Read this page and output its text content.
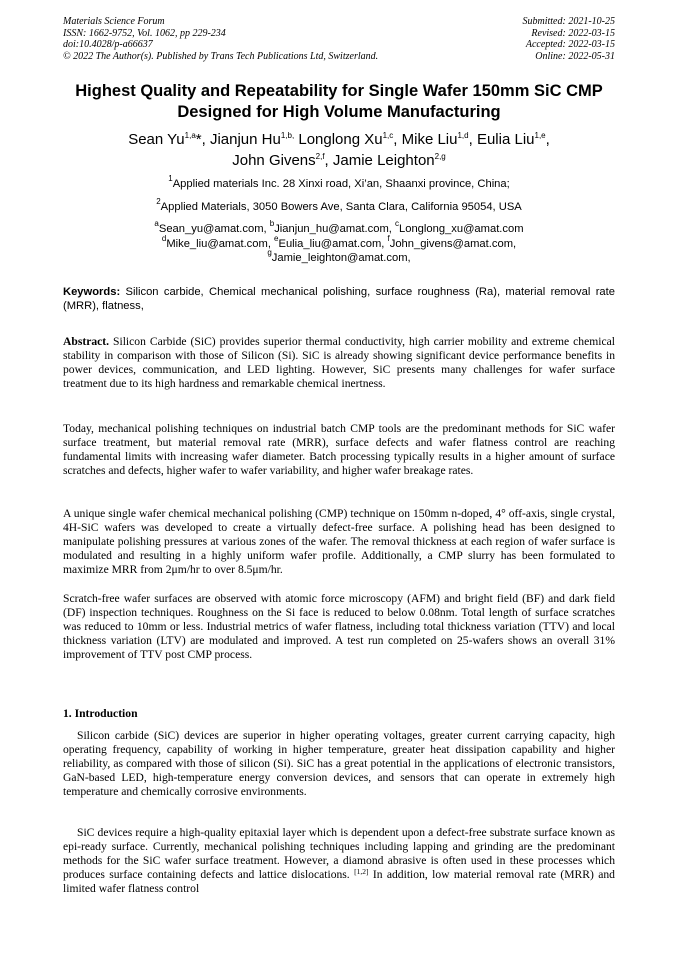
Materials Science Forum
ISSN: 1662-9752, Vol. 1062, pp 229-234
doi:10.4028/p-a66637
© 2022 The Author(s). Published by Trans Tech Publications Ltd, Switzerland.
Submitted: 2021-10-25
Revised: 2022-03-15
Accepted: 2022-03-15
Online: 2022-05-31
Highest Quality and Repeatability for Single Wafer 150mm SiC CMP
Designed for High Volume Manufacturing
Sean Yu$^{1,a}$*, Jianjun $Hu^{1,b,}$ Longlong Xu$^{1,c}$, Mike Liu$^{1,d}$, Eulia Liu$^{1,e}$,
John Givens$^{2,f}$, Jamie Leighton$^{2,g}$
$^1$Applied materials Inc. 28 Xinxi road, Xi’an, Shaanxi province, China;
$^2$Applied Materials, 3050 Bowers Ave, Santa Clara, California 95054, USA
$^a$Sean_yu@amat.com, $^b$Jianjun_hu@amat.com, $^c$Longlong_xu@amat.com
$^d$Mike_liu@amat.com, $^e$Eulia_liu@amat.com, $^f$John_givens@amat.com,
$^g$Jamie_leighton@amat.com,
Keywords: Silicon carbide, Chemical mechanical polishing, surface roughness (Ra), material removal rate (MRR), flatness,

Abstract. Silicon Carbide (SiC) provides superior thermal conductivity, high carrier mobility and extreme chemical stability in comparison with those of Silicon (Si). SiC is already showing significant device performance benefits in power devices, communication, and LED lighting. However, SiC presents many challenges for wafer surface treatment due to its high hardness and remarkable chemical inertness.

Today, mechanical polishing techniques on industrial batch CMP tools are the predominant methods for SiC wafer surface treatment, but material removal rate (MRR), surface defects and wafer flatness control are reaching fundamental limits with increasing wafer diameter. Batch processing typically results in a higher amount of surface scratches and defects, higher wafer to wafer variability, and higher wafer breakage rates.

A unique single wafer chemical mechanical polishing (CMP) technique on 150mm n-doped, 4° off-axis, single crystal, 4H-SiC wafers was developed to create a virtually defect-free surface. A polishing head has been designed to manipulate polishing pressures at various zones of the wafer. The removal thickness at each region of wafer surface is modulated and resulting in a highly uniform wafer profile. Additionally, a CMP slurry has been formulated to maximize MRR from 2μm/hr to over 8.5μm/hr.

Scratch-free wafer surfaces are observed with atomic force microscopy (AFM) and bright field (BF) and dark field (DF) inspection techniques. Roughness on the Si face is reduced to below 0.08nm. Total length of surface scratches was reduced to 10mm or less. Industrial metrics of wafer flatness, including total thickness variation (TTV) and local thickness variation (LTV) are modulated and improved. A test run completed on 25-wafers shows an overall 31% improvement of TTV post CMP process.

1. Introduction

Silicon carbide (SiC) devices are superior in higher operating voltages, greater current carrying capacity, high operating frequency, capability of working in higher temperature, greater heat dissipation capability and higher reliability, as compared with those of silicon (Si). SiC has a great potential in the applications of electronic transistors, GaN-based LED, high-temperature energy conversion devices, and sensors that can operate in extremely high temperature and chemically corrosive environments.

SiC devices require a high-quality epitaxial layer which is dependent upon a defect-free substrate surface known as epi-ready surface. Currently, mechanical polishing techniques including lapping and grinding are the predominant methods for the SiC wafer surface treatment. However, a diamond abrasive is often used in these processes which produces surface containing defects and lattice dislocations. [1,2] In addition, low material removal rate (MRR) and limited wafer flatness control
